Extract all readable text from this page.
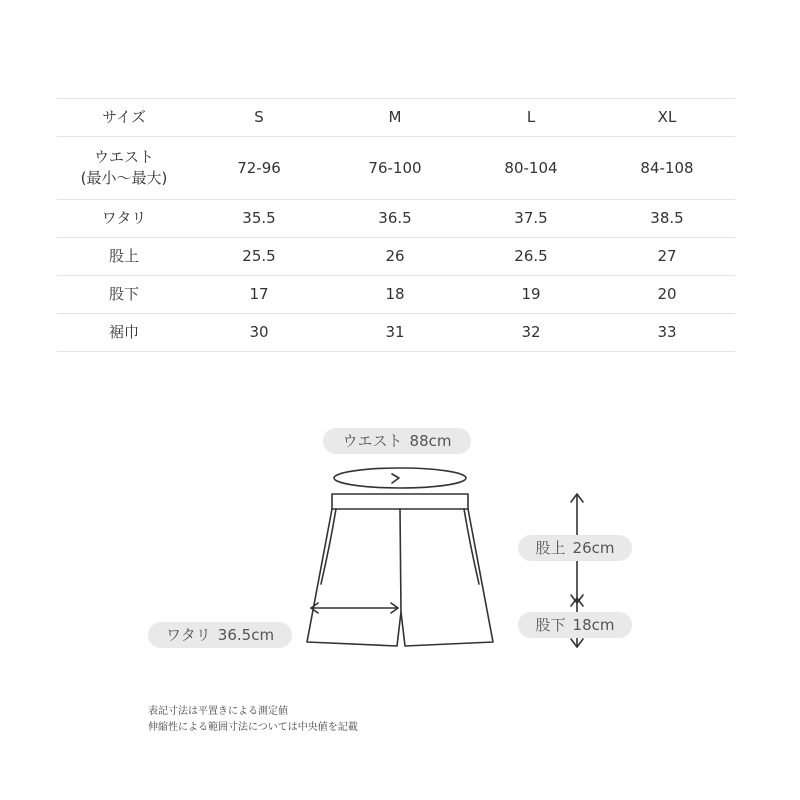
サイズ	S	M	L	XL

ウエスト
(最小〜最大)	72-96	76-100	80-104	84-108
ワタリ	35.5	36.5	37.5	38.5
股上	25.5	26	26.5	27
股下	17	18	19	20
裾巾	30	31	32	33
ウエスト 88cm
ワタリ 36.5cm
股上 26cm
股下 18cm
表記寸法は平置きによる測定値
伸縮性による範囲寸法については中央値を記載
